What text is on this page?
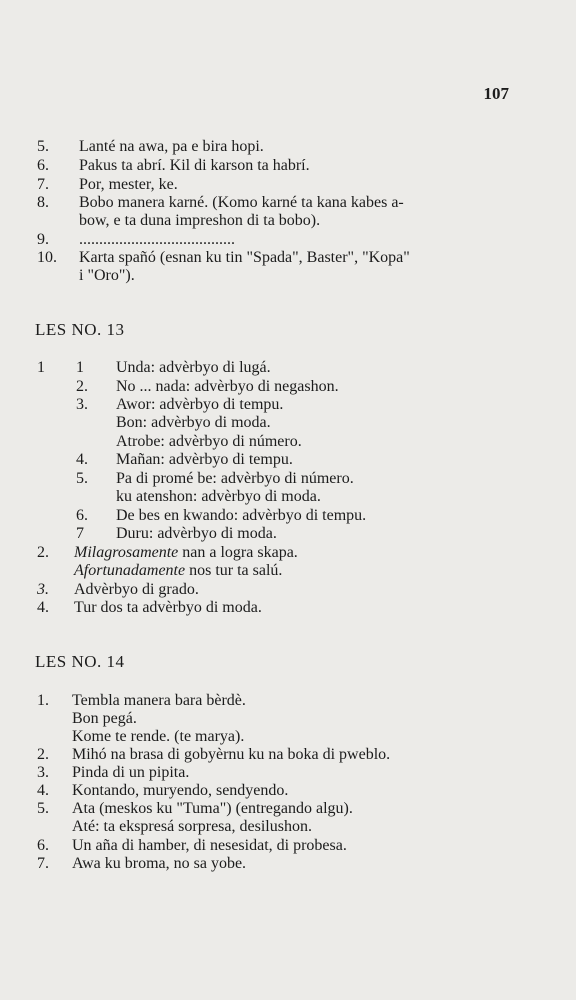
107
5. Lanté na awa, pa e bira hopi.
6. Pakus ta abrí. Kil di karson ta habrí.
7. Por, mester, ke.
8. Bobo manera karné. (Komo karné ta kana kabes a-
bow, e ta duna impreshon di ta bobo).
9. .......................................
10. Karta spañó (esnan ku tin "Spada", Baster", "Kopa"
i "Oro").
LES NO. 13
1 1 Unda: advèrbyo di lugá.
2. No ... nada: advèrbyo di negashon.
3. Awor: advèrbyo di tempu.
Bon: advèrbyo di moda.
Atrobe: advèrbyo di número.
4. Mañan: advèrbyo di tempu.
5. Pa di promé be: advèrbyo di número.
ku atenshon: advèrbyo di moda.
6. De bes en kwando: advèrbyo di tempu.
7 Duru: advèrbyo di moda.
2. Milagrosamente nan a logra skapa.
Afortunadamente nos tur ta salú.
3. Advèrbyo di grado.
4. Tur dos ta advèrbyo di moda.
LES NO. 14
1. Tembla manera bara bèrdè.
Bon pegá.
Kome te rende. (te marya).
2. Mihó na brasa di gobyèrnu ku na boka di pweblo.
3. Pinda di un pipita.
4. Kontando, muryendo, sendyendo.
5. Ata (meskos ku "Tuma") (entregando algu).
Até: ta ekspresá sorpresa, desilushon.
6. Un aña di hamber, di nesesidat, di probesa.
7. Awa ku broma, no sa yobe.
